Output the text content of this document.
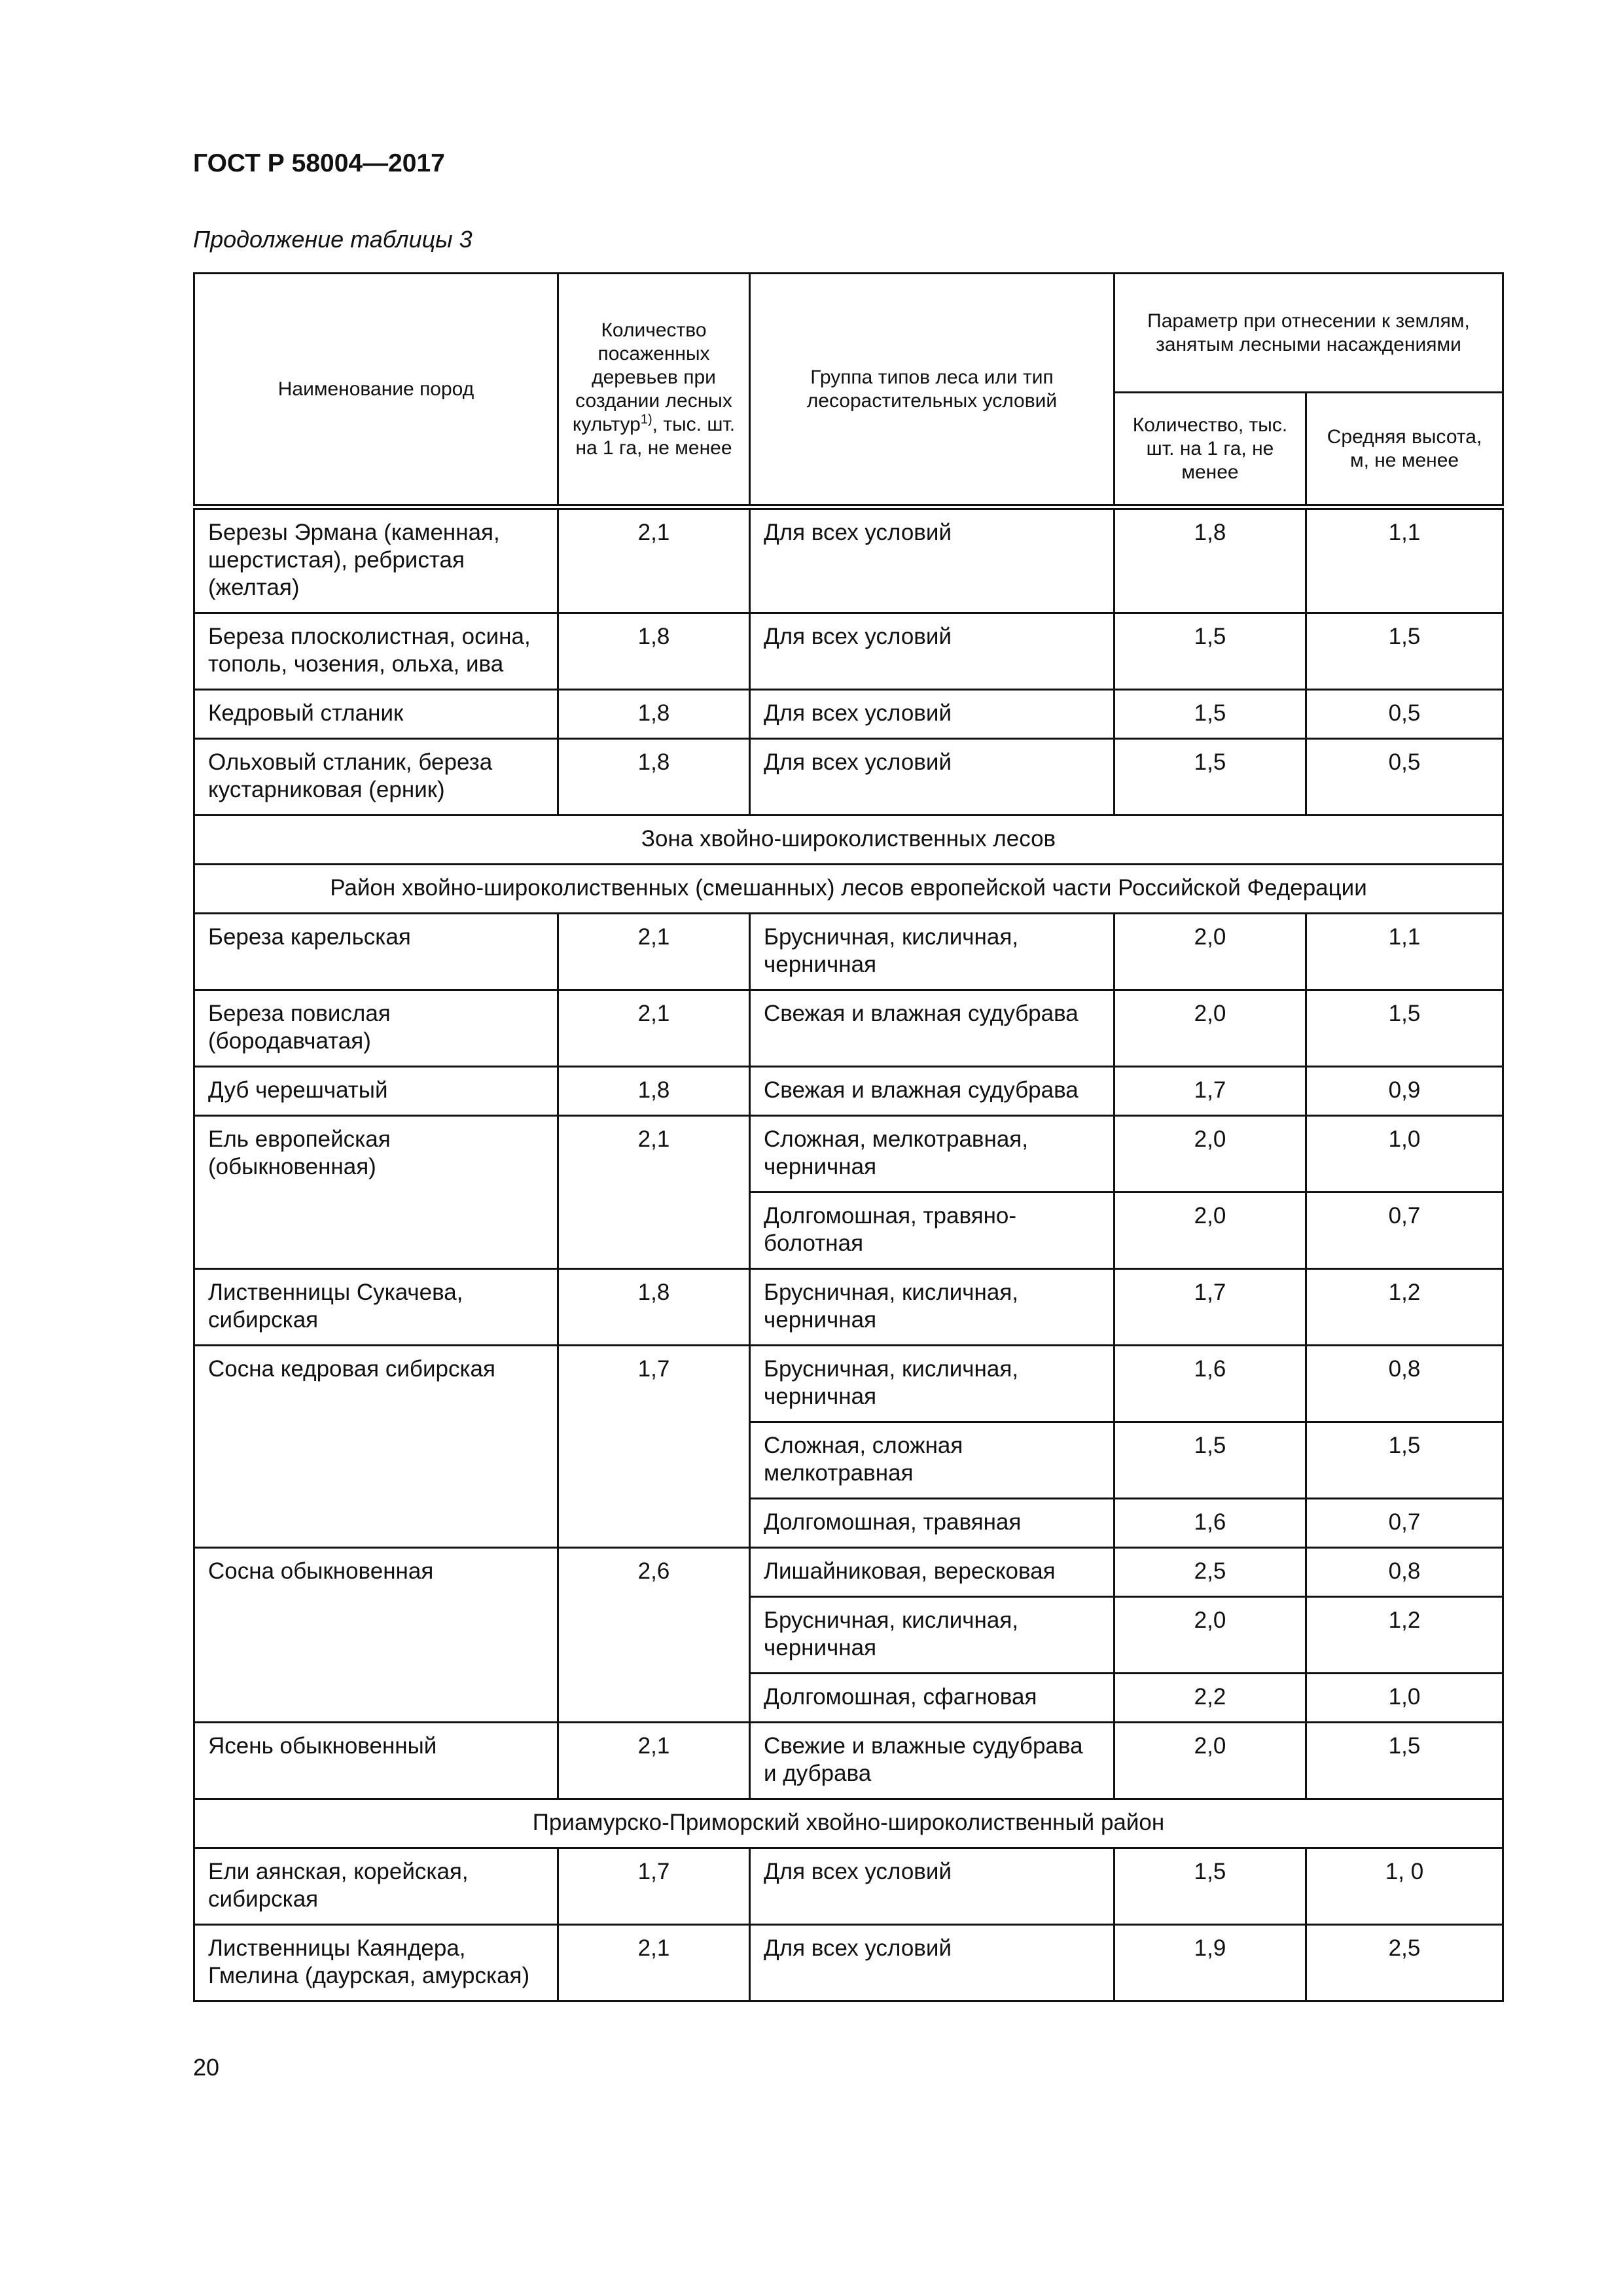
ГОСТ Р 58004—2017
Продолжение таблицы 3
Наименование пород	Количество посаженных деревьев при создании лесных культур$^{1)}$, тыс. шт. на 1 га, не менее	Группа типов леса или тип лесорастительных условий	Параметр при отнесении к землям, занятым лесными насаждениями	
			Количество, тыс. шт. на 1 га, не менее	Средняя высота, м, не менее
Березы Эрмана (каменная, шерстистая), ребристая (желтая)	2,1	Для всех условий	1,8	1,1
Береза плосколистная, осина, тополь, чозения, ольха, ива	1,8	Для всех условий	1,5	1,5
Кедровый стланик	1,8	Для всех условий	1,5	0,5
Ольховый стланик, береза кустарниковая (ерник)	1,8	Для всех условий	1,5	0,5
Зона хвойно-широколиственных лесов				
Район хвойно-широколиственных (смешанных) лесов европейской части Российской Федерации				
Береза карельская	2,1	Брусничная, кисличная, черничная	2,0	1,1
Береза повислая (бородавчатая)	2,1	Свежая и влажная судубрава	2,0	1,5
Дуб черешчатый	1,8	Свежая и влажная судубрава	1,7	0,9
Ель европейская (обыкновенная)	2,1	Сложная, мелкотравная, черничная	2,0	1,0
		Долгомошная, травяно-болотная	2,0	0,7
Лиственницы Сукачева, сибирская	1,8	Брусничная, кисличная, черничная	1,7	1,2
Сосна кедровая сибирская	1,7	Брусничная, кисличная, черничная	1,6	0,8
		Сложная, сложная мелкотравная	1,5	1,5
		Долгомошная, травяная	1,6	0,7
Сосна обыкновенная	2,6	Лишайниковая, вересковая	2,5	0,8
		Брусничная, кисличная, черничная	2,0	1,2
		Долгомошная, сфагновая	2,2	1,0
Ясень обыкновенный	2,1	Свежие и влажные судубрава и дубрава	2,0	1,5
Приамурско-Приморский хвойно-широколиственный район				
Ели аянская, корейская, сибирская	1,7	Для всех условий	1,5	1, 0
Лиственницы Каяндера, Гмелина (даурская, амурская)	2,1	Для всех условий	1,9	2,5
20
